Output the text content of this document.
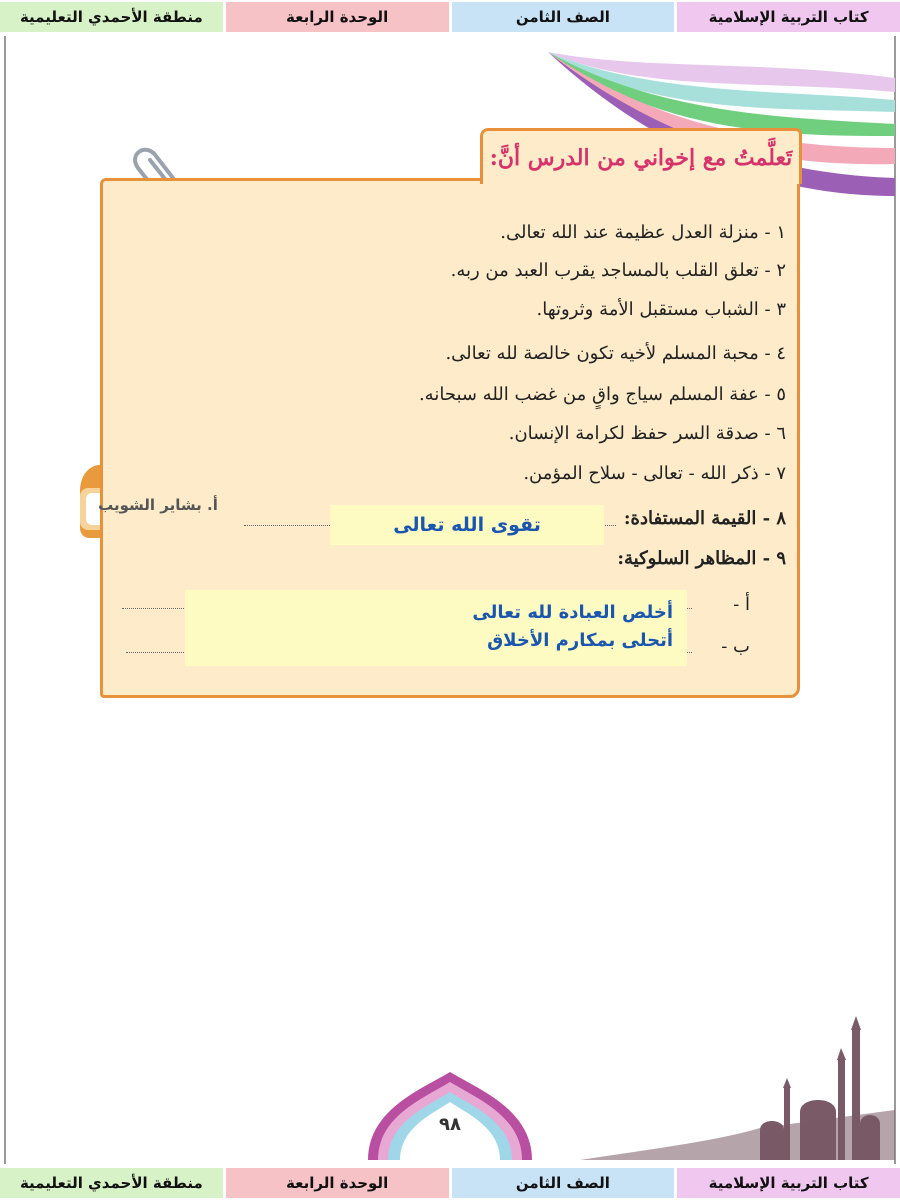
كتاب التربية الإسلامية
الصف الثامن
الوحدة الرابعة
منطقة الأحمدي التعليمية
تَعلَّمتُ مع إخواني من الدرس أنَّ:
١ - منزلة العدل عظيمة عند الله تعالى.
٢ - تعلق القلب بالمساجد يقرب العبد من ربه.
٣ - الشباب مستقبل الأمة وثروتها.
٤ - محبة المسلم لأخيه تكون خالصة لله تعالى.
٥ - عفة المسلم سياج واقٍ من غضب الله سبحانه.
٦ - صدقة السر حفظ لكرامة الإنسان.
٧ - ذكر الله - تعالى - سلاح المؤمن.
٨ - القيمة المستفادة:
تقوى الله تعالى
٩ - المظاهر السلوكية:
أ -
ب -
أخلص العبادة لله تعالى
أتحلى بمكارم الأخلاق
أ. بشاير الشويب
٩٨
كتاب التربية الإسلامية
الصف الثامن
الوحدة الرابعة
منطقة الأحمدي التعليمية
